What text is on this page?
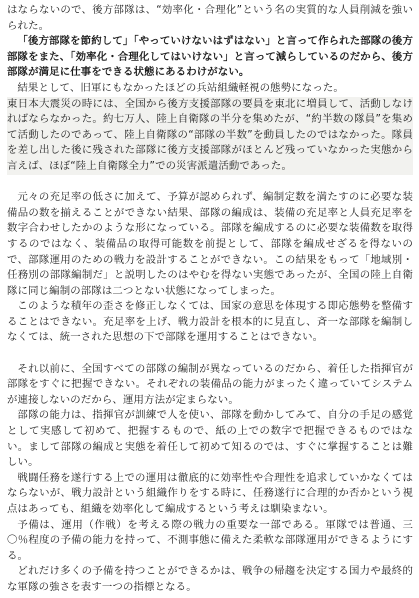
はならないので、後方部隊は、“効率化・合理化”という名の実質的な人員削減を強いられた。

「後方部隊を節約して」「やっていけないはずはない」と言って作られた部隊の後方部隊をまた、「効率化・合理化してはいけない」と言って減らしているのだから、後方部隊が満足に仕事をできる状態にあるわけがない。

結果として、旧軍にもなかったほどの兵站組織軽視の態勢になった。

東日本大震災の時には、全国から後方支援部隊の要員を東北に増員して、活動しなければならなかった。約七万人、陸上自衛隊の半分を集めたが、“約半数の隊員”を集めて活動したのであって、陸上自衛隊の“部隊の半数”を動員したのではなかった。隊員を差し出した後に残された部隊に後方支援部隊がほとんど残っていなかった実態から言えば、ほぼ“陸上自衛隊全力”での災害派遣活動であった。

元々の充足率の低さに加えて、予算が認められず、編制定数を満たすのに必要な装備品の数を揃えることができない結果、部隊の編成は、装備の充足率と人員充足率を数字合わせしたかのような形になっている。部隊を編成するのに必要な装備数を取得するのではなく、装備品の取得可能数を前提として、部隊を編成せざるを得ないので、部隊運用のための戦力を設計することができない。この結果をもって「地域別・任務別の部隊編制だ」と説明したのはやむを得ない実態であったが、全国の陸上自衛隊に同じ編制の部隊は二つとない状態になってしまった。

このような積年の歪さを修正しなくては、国家の意思を体現する即応態勢を整備することはできない。充足率を上げ、戦力設計を根本的に見直し、斉一な部隊を編制しなくては、統一された思想の下で部隊を運用することはできない。

それ以前に、全国すべての部隊の編制が異なっているのだから、着任した指揮官が部隊をすぐに把握できない。それぞれの装備品の能力がまったく違っていてシステムが連接しないのだから、運用方法が定まらない。

部隊の能力は、指揮官が訓練で人を使い、部隊を動かしてみて、自分の手足の感覚として実感して初めて、把握するもので、紙の上での数字で把握できるものではない。まして部隊の編成と実態を着任して初めて知るのでは、すぐに掌握することは難しい。

戦闘任務を遂行する上での運用は徹底的に効率性や合理性を追求していかなくてはならないが、戦力設計という組織作りをする時に、任務遂行に合理的か否かという視点はあっても、組織を効率化して編成するという考えは馴染まない。

予備は、運用（作戦）を考える際の戦力の重要な一部である。軍隊では普通、三〇％程度の予備の能力を持って、不測事態に備えた柔軟な部隊運用ができるようにする。

どれだけ多くの予備を持つことができるかは、戦争の帰趨を決定する国力や最終的な軍隊の強さを表す一つの指標となる。
